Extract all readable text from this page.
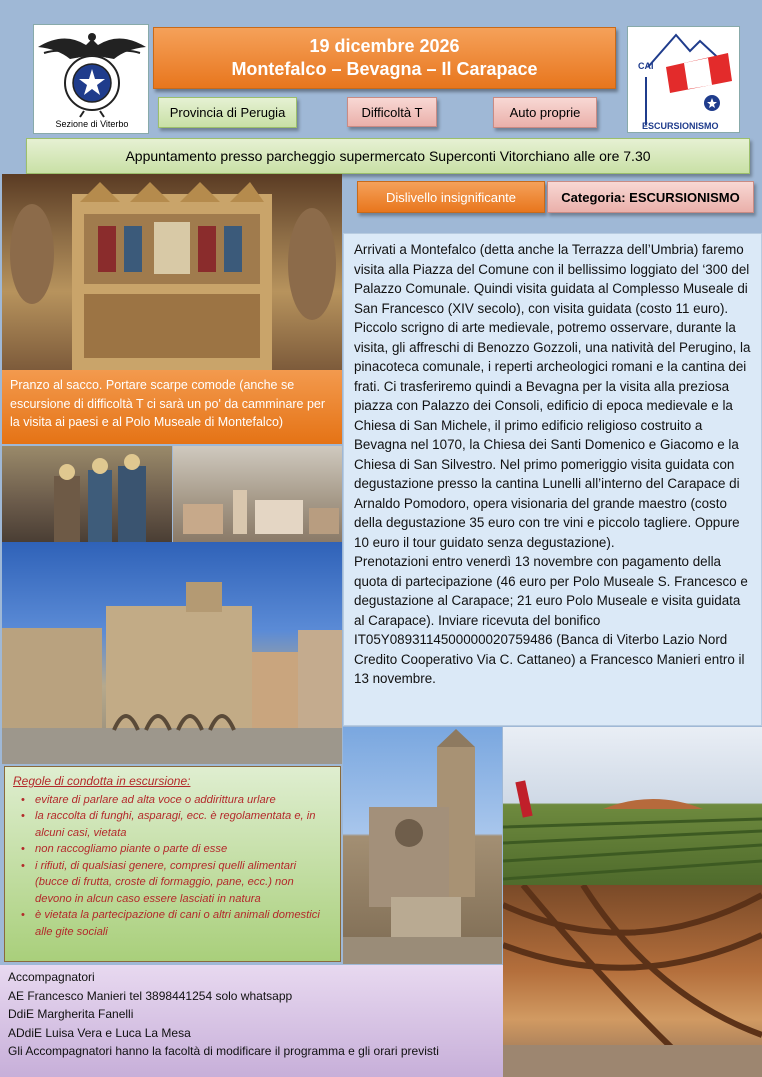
Sezione di Viterbo
19 dicembre 2026
Montefalco – Bevagna – Il Carapace	CAI
ESCURSIONISMO
Provincia di Perugia	Difficoltà T	Auto proprie
Appuntamento presso parcheggio supermercato Superconti Vitorchiano alle ore 7.30
Dislivello insignificante	Categoria: ESCURSIONISMO
Pranzo al sacco. Portare scarpe comode (anche se escursione di difficoltà T ci sarà un po' da camminare per la visita ai paesi e al Polo Museale di Montefalco)

Arrivati a Montefalco (detta anche la Terrazza dell’Umbria) faremo visita alla Piazza del Comune con il bellissimo loggiato del ‘300 del Palazzo Comunale. Quindi visita guidata al Complesso Museale di San Francesco (XIV secolo), con visita guidata (costo 11 euro). Piccolo scrigno di arte medievale, potremo osservare, durante la visita, gli affreschi di Benozzo Gozzoli, una natività del Perugino, la pinacoteca comunale, i reperti archeologici romani e la cantina dei frati. Ci trasferiremo quindi a Bevagna per la visita alla preziosa piazza con Palazzo dei Consoli, edificio di epoca medievale e la Chiesa di San Michele, il primo edificio religioso costruito a Bevagna nel 1070, la Chiesa dei Santi Domenico e Giacomo e la Chiesa di San Silvestro. Nel primo pomeriggio visita guidata con degustazione presso la cantina Lunelli all’interno del Carapace di Arnaldo Pomodoro, opera visionaria del grande maestro (costo della degustazione 35 euro con tre vini e piccolo tagliere. Oppure 10 euro il tour guidato senza degustazione).

Prenotazioni entro venerdì 13 novembre con pagamento della quota di partecipazione (46 euro per Polo Museale S. Francesco e degustazione al Carapace; 21 euro Polo Museale e visita guidata al Carapace). Inviare ricevuta del bonifico IT05Y0893114500000020759486 (Banca di Viterbo Lazio Nord Credito Cooperativo Via C. Cattaneo) a Francesco Manieri entro il 13 novembre.

Regole di condotta in escursione:
• evitare di parlare ad alta voce o addirittura urlare
• la raccolta di funghi, asparagi, ecc. è regolamentata e, in alcuni casi, vietata
• non raccogliamo piante o parte di esse
• i rifiuti, di qualsiasi genere, compresi quelli alimentari (bucce di frutta, croste di formaggio, pane, ecc.) non devono in alcun caso essere lasciati in natura
• è vietata la partecipazione di cani o altri animali domestici alle gite sociali
Accompagnatori
AE Francesco Manieri tel 3898441254 solo whatsapp
DdiE Margherita Fanelli
ADdiE Luisa Vera e Luca La Mesa
Gli Accompagnatori hanno la facoltà di modificare il programma e gli orari previsti
